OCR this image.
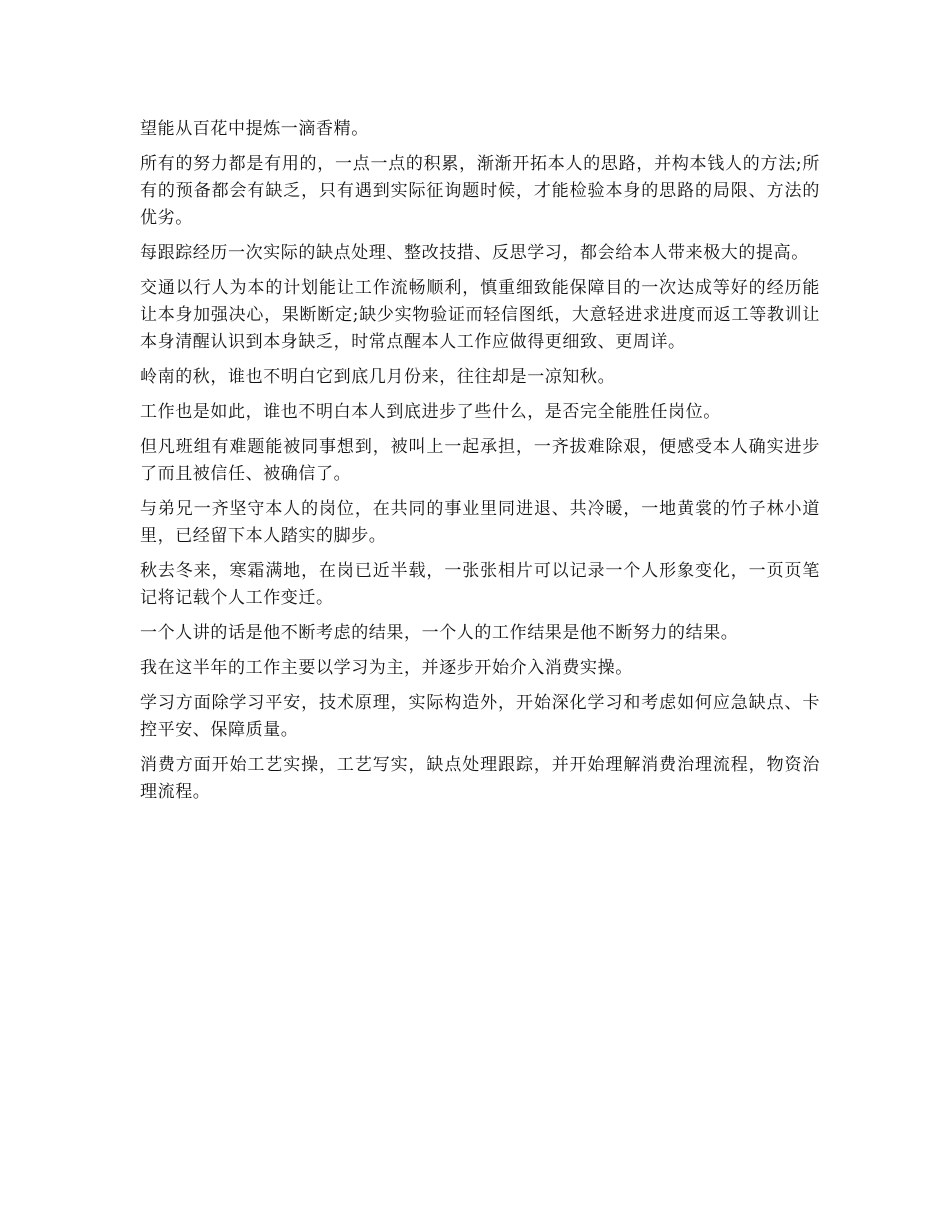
望能从百花中提炼一滴香精。

所有的努力都是有用的，一点一点的积累，渐渐开拓本人的思路，并构本钱人的方法;所有的预备都会有缺乏，只有遇到实际征询题时候，才能检验本身的思路的局限、方法的优劣。

每跟踪经历一次实际的缺点处理、整改技措、反思学习，都会给本人带来极大的提高。

交通以行人为本的计划能让工作流畅顺利，慎重细致能保障目的一次达成等好的经历能让本身加强决心，果断断定;缺少实物验证而轻信图纸，大意轻进求进度而返工等教训让本身清醒认识到本身缺乏，时常点醒本人工作应做得更细致、更周详。

岭南的秋，谁也不明白它到底几月份来，往往却是一凉知秋。

工作也是如此，谁也不明白本人到底进步了些什么，是否完全能胜任岗位。

但凡班组有难题能被同事想到，被叫上一起承担，一齐拔难除艰，便感受本人确实进步了而且被信任、被确信了。

与弟兄一齐坚守本人的岗位，在共同的事业里同进退、共冷暖，一地黄裳的竹子林小道里，已经留下本人踏实的脚步。

秋去冬来，寒霜满地，在岗已近半载，一张张相片可以记录一个人形象变化，一页页笔记将记载个人工作变迁。

一个人讲的话是他不断考虑的结果，一个人的工作结果是他不断努力的结果。

我在这半年的工作主要以学习为主，并逐步开始介入消费实操。

学习方面除学习平安，技术原理，实际构造外，开始深化学习和考虑如何应急缺点、卡控平安、保障质量。

消费方面开始工艺实操，工艺写实，缺点处理跟踪，并开始理解消费治理流程，物资治理流程。
